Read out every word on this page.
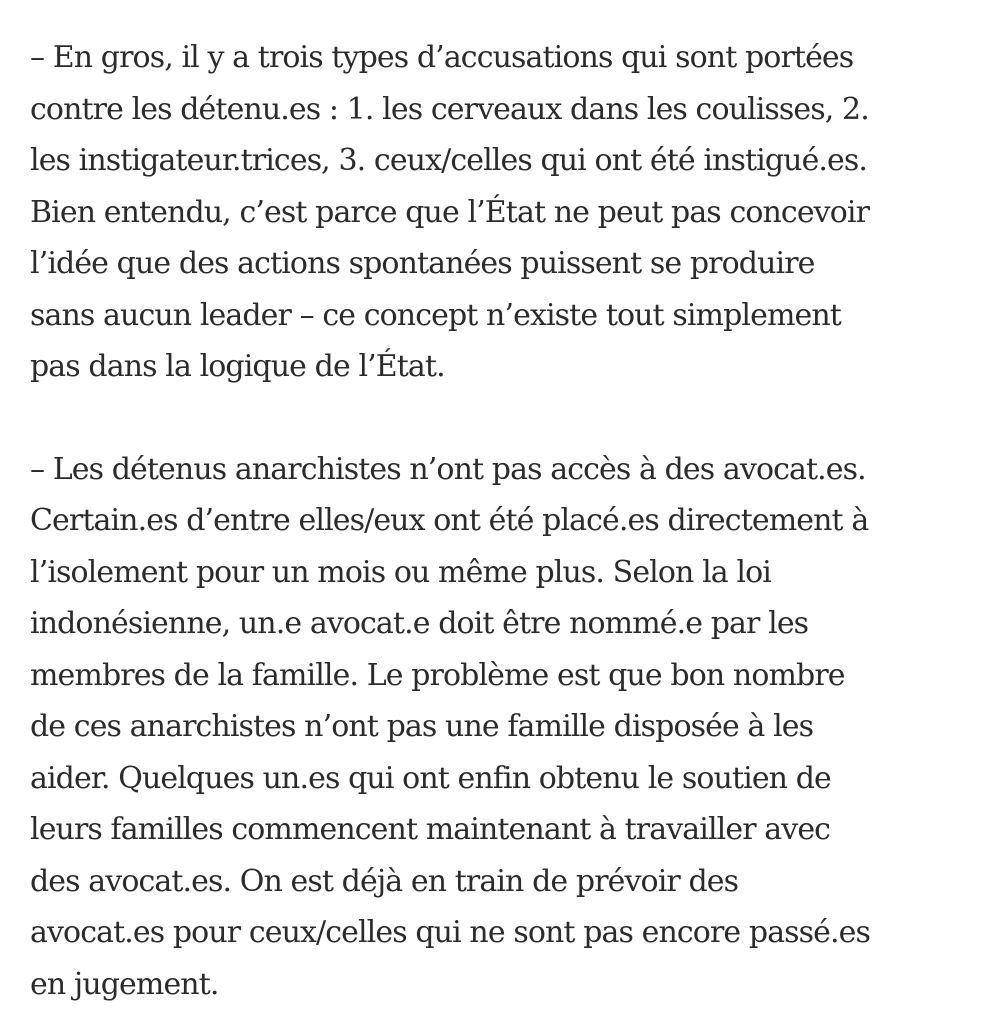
– En gros, il y a trois types d’accusations qui sont portées
contre les détenu.es : 1. les cerveaux dans les coulisses, 2.
les instigateur.trices, 3. ceux/celles qui ont été instigué.es.
Bien entendu, c’est parce que l’État ne peut pas concevoir
l’idée que des actions spontanées puissent se produire
sans aucun leader – ce concept n’existe tout simplement
pas dans la logique de l’État.

– Les détenus anarchistes n’ont pas accès à des avocat.es.
Certain.es d’entre elles/eux ont été placé.es directement à
l’isolement pour un mois ou même plus. Selon la loi
indonésienne, un.e avocat.e doit être nommé.e par les
membres de la famille. Le problème est que bon nombre
de ces anarchistes n’ont pas une famille disposée à les
aider. Quelques un.es qui ont enfin obtenu le soutien de
leurs familles commencent maintenant à travailler avec
des avocat.es. On est déjà en train de prévoir des
avocat.es pour ceux/celles qui ne sont pas encore passé.es
en jugement.
